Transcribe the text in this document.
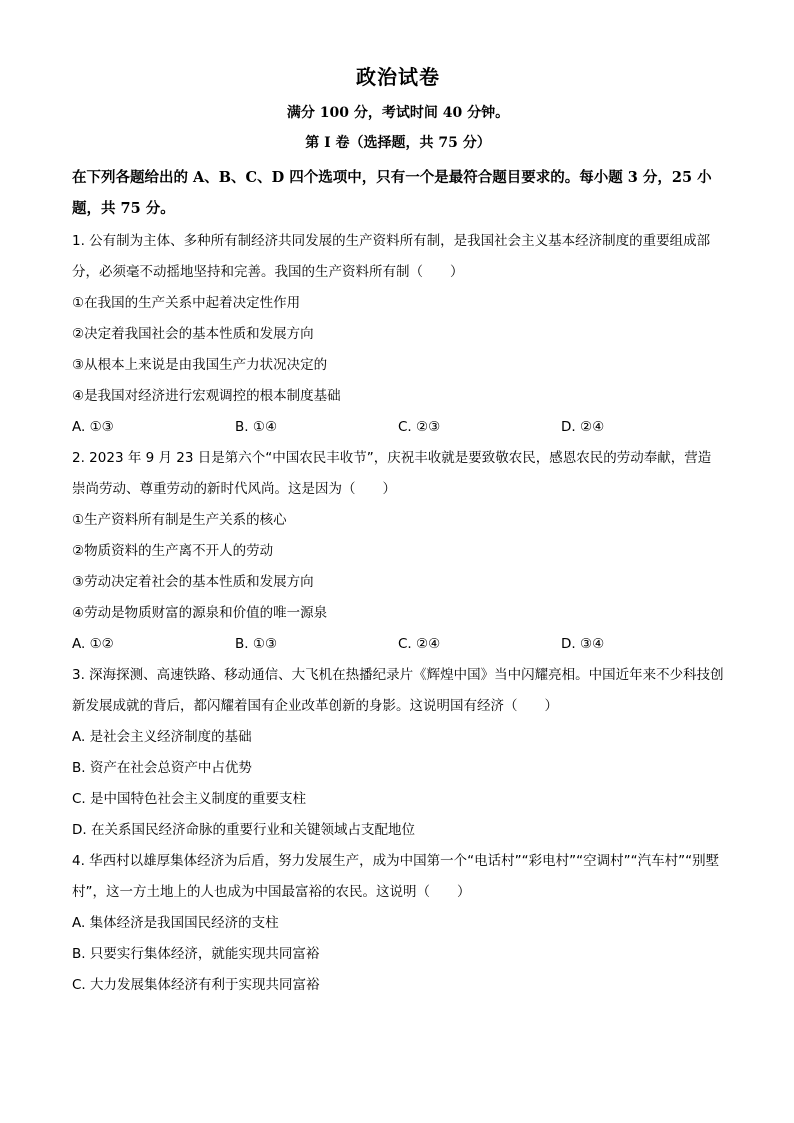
政治试卷
满分 100 分，考试时间 40 分钟。
第 I 卷（选择题，共 75 分）
在下列各题给出的 A、B、C、D 四个选项中，只有一个是最符合题目要求的。每小题 3 分，25 小题，共 75 分。

1. 公有制为主体、多种所有制经济共同发展的生产资料所有制，是我国社会主义基本经济制度的重要组成部分，必须毫不动摇地坚持和完善。我国的生产资料所有制（　　）

①在我国的生产关系中起着决定性作用

②决定着我国社会的基本性质和发展方向

③从根本上来说是由我国生产力状况决定的

④是我国对经济进行宏观调控的根本制度基础

A. ①③	B. ①④	C. ②③	D. ②④

2. 2023 年 9 月 23 日是第六个“中国农民丰收节”，庆祝丰收就是要致敬农民，感恩农民的劳动奉献，营造崇尚劳动、尊重劳动的新时代风尚。这是因为（　　）

①生产资料所有制是生产关系的核心

②物质资料的生产离不开人的劳动

③劳动决定着社会的基本性质和发展方向

④劳动是物质财富的源泉和价值的唯一源泉

A. ①②	B. ①③	C. ②④	D. ③④

3. 深海探测、高速铁路、移动通信、大飞机在热播纪录片《辉煌中国》当中闪耀亮相。中国近年来不少科技创新发展成就的背后，都闪耀着国有企业改革创新的身影。这说明国有经济（　　）

A. 是社会主义经济制度的基础

B. 资产在社会总资产中占优势

C. 是中国特色社会主义制度的重要支柱

D. 在关系国民经济命脉的重要行业和关键领域占支配地位

4. 华西村以雄厚集体经济为后盾，努力发展生产，成为中国第一个“电话村”“彩电村”“空调村”“汽车村”“别墅村”，这一方土地上的人也成为中国最富裕的农民。这说明（　　）

A. 集体经济是我国国民经济的支柱

B. 只要实行集体经济，就能实现共同富裕

C. 大力发展集体经济有利于实现共同富裕
